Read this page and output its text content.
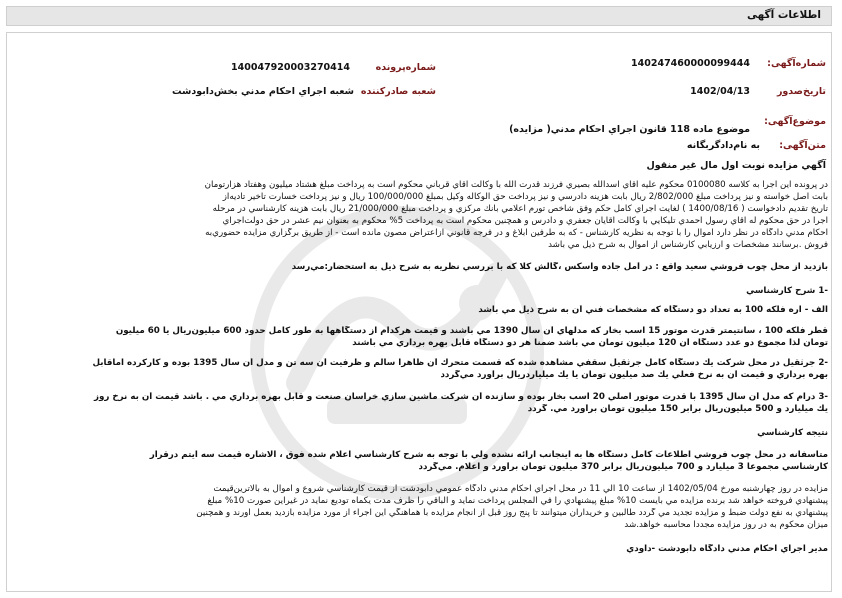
اطلاعات آگهی
شماره‌آگهی:
140247460000099444
شماره‌پرونده
140047920003270414
تاریخ‌صدور
1402/04/13
شعبه صادرکننده
شعبه اجراي احكام مدني بخش‌دابودشت
موضوع‌آگهی:
موضوع ماده 118 قانون اجراي احكام مدني( مزايده)
متن‌آگهی:
به نام‌دادگربگانه
آگهي مزايده نوبت اول مال غير منقول
در پرونده اين اجرا به كلاسه 0100080 محكوم عليه آقاي اسدالله بصيري فرزند قدرت الله با وكالت آقاي قرباني محكوم است به پرداخت مبلغ هشتاد ميليون وهفتاد هزارتومان
بابت اصل خواسته و نيز پرداخت مبلغ 2/802/000 ريال بابت هزينه دادرسي و نيز پرداخت حق الوكاله وكيل بمبلغ 100/000/000 ريال و نيز پرداخت خسارت تأخير تأديه‌از
تاريخ تقديم دادخواست ( 1400/08/16 ) لغايت اجراي كامل حكم وفق شاخص تورم اعلامي بانك مركزي و پرداخت مبلغ 21/000/000 ريال بابت هزينه كارشناسي در مرحله
اجرا در حق محكوم له آقاي رسول احمدي تليكايي با وكالت آقايان جعفري و دادرس و همچنين محكوم است به پرداخت 5% محكوم به بعنوان نيم عشر در حق دولت‌اجراي
احكام مدني دادگاه در نظر دارد اموال را با توجه به نظريه كارشناس - كه به طرفين ابلاغ و در فرجه قانوني ازاعتراض مصون مانده است - از طريق برگزاري مزايده حضوري‌به
فروش .برسانند مشخصات و ارزيابي كارشناس از اموال به شرح ذيل مي باشد
بازديد از محل چوب فروشي سعيد واقع : در آمل جاده واسكس ،گالش كلا كه با بررسي نظريه به شرح ذيل به استحضار:مي‌رسد
-1 شرح كارشناسي
الف - اره فلكه 100 به تعداد دو دستگاه كه مشخصات فني آن به شرح ذيل مي باشد
قطر فلكه 100 ، سانتيمتر قدرت موتور 15 اسب بخار كه مدلهاي آن سال 1390 مي باشند و قيمت هركدام از دستگاهها به طور كامل حدود 600 ميليون‌ريال يا 60 ميليون
تومان لذا مجموع دو عدد دستگاه آن 120 ميليون تومان مي باشد ضمناً هر دو دستگاه قابل بهره برداري مي باشند
-2 جرثقيل در محل شركت يك دستگاه كامل جرثقيل سقفي مشاهده شده كه قسمت متحرك آن ظاهرا سالم و ظرفيت آن سه تن و مدل آن سال 1395 بوده و كاركرده اماقابل
بهره برداري و قيمت آن به نرخ فعلي يك صد ميليون تومان يا يك ميلياردريال برآورد مي‌گردد
-3 درام كه مدل آن سال 1395 با قدرت موتور اصلي 20 اسب بخار بوده و سازنده آن شركت ماشين سازي خراسان صنعت و قابل بهره برداري مي . باشد قيمت آن به نرخ روز
يك ميليارد و 500 ميليون‌ريال برابر 150 ميليون تومان برآورد مي. گردد
نتيجه كارشناسي
متاسفانه در محل چوب فروشي اطلاعات كامل دستگاه ها به اينجانب ارائه نشده ولي با توجه به شرح كارشناسي اعلام شده فوق ، الاشاره قيمت سه ايتم درقرار
كارشناسي مجموعا 3 ميليارد و 700 ميليون‌ريال برابر 370 ميليون تومان برآورد و اعلام. مي‌گردد
مزايده در روز چهارشنبه مورخ 1402/05/04 از ساعت 10 الي 11 در محل اجراي احكام مدني دادگاه عمومي دابودشت از قيمت كارشناسي شروع و اموال به بالاترين‌قيمت
پيشنهادي فروخته خواهد شد برنده مزايده مي بايست 10% مبلغ پيشنهادي را في المجلس پرداخت نمايد و الباقي را ظرف مدت يكماه توديع نمايد در غيراين صورت 10% مبلغ
پيشنهادي به نفع دولت ضبط و مزايده تجديد مي گردد طالبين و خريداران ميتوانند تا پنج روز قبل از انجام مزايده با هماهنگي اين اجراء از مورد مزايده بازديد بعمل آورند و همچنين
ميزان محكوم به در روز مزايده مجدداً محاسبه خواهد.شد
مدير اجراي احكام مدني دادگاه دابودشت -داودي
